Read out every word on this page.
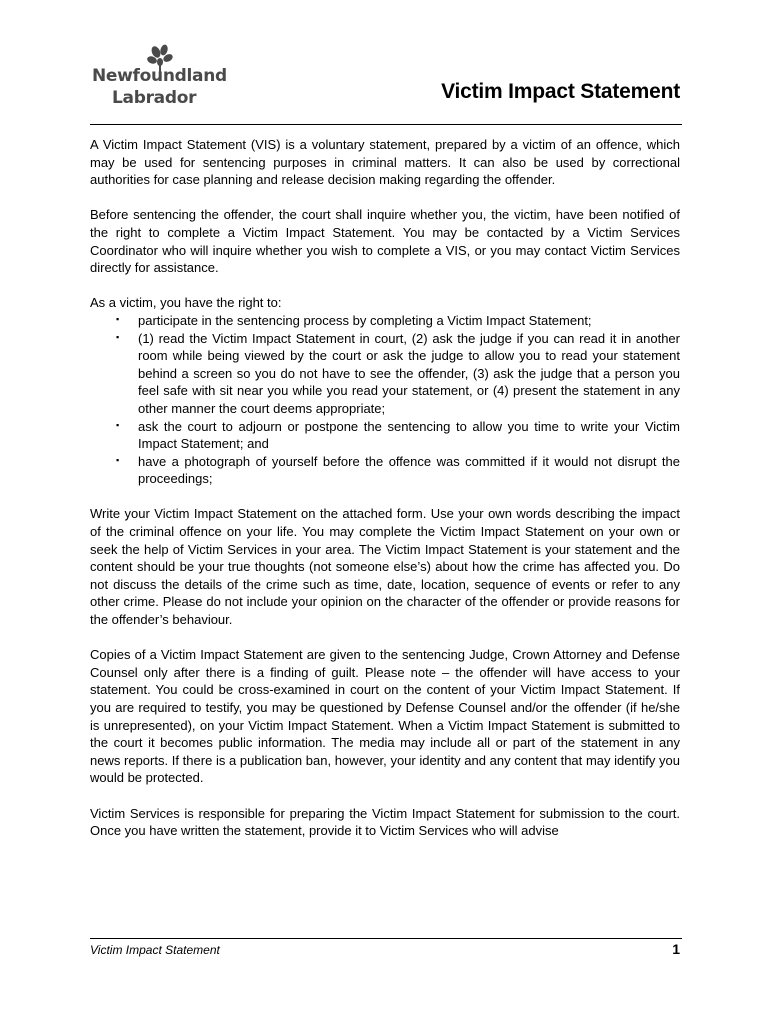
Newfoundland
Labrador	Victim Impact Statement

A Victim Impact Statement (VIS) is a voluntary statement, prepared by a victim of an offence, which may be used for sentencing purposes in criminal matters. It can also be used by correctional authorities for case planning and release decision making regarding the offender.

Before sentencing the offender, the court shall inquire whether you, the victim, have been notified of the right to complete a Victim Impact Statement. You may be contacted by a Victim Services Coordinator who will inquire whether you wish to complete a VIS, or you may contact Victim Services directly for assistance.

As a victim, you have the right to:

▪ participate in the sentencing process by completing a Victim Impact Statement;
▪ (1) read the Victim Impact Statement in court, (2) ask the judge if you can read it in another room while being viewed by the court or ask the judge to allow you to read your statement behind a screen so you do not have to see the offender, (3) ask the judge that a person you feel safe with sit near you while you read your statement, or (4) present the statement in any other manner the court deems appropriate;
▪ ask the court to adjourn or postpone the sentencing to allow you time to write your Victim Impact Statement; and
▪ have a photograph of yourself before the offence was committed if it would not disrupt the proceedings;

Write your Victim Impact Statement on the attached form. Use your own words describing the impact of the criminal offence on your life. You may complete the Victim Impact Statement on your own or seek the help of Victim Services in your area. The Victim Impact Statement is your statement and the content should be your true thoughts (not someone else’s) about how the crime has affected you. Do not discuss the details of the crime such as time, date, location, sequence of events or refer to any other crime. Please do not include your opinion on the character of the offender or provide reasons for the offender’s behaviour.

Copies of a Victim Impact Statement are given to the sentencing Judge, Crown Attorney and Defense Counsel only after there is a finding of guilt. Please note – the offender will have access to your statement. You could be cross-examined in court on the content of your Victim Impact Statement. If you are required to testify, you may be questioned by Defense Counsel and/or the offender (if he/she is unrepresented), on your Victim Impact Statement. When a Victim Impact Statement is submitted to the court it becomes public information. The media may include all or part of the statement in any news reports. If there is a publication ban, however, your identity and any content that may identify you would be protected.

Victim Services is responsible for preparing the Victim Impact Statement for submission to the court. Once you have written the statement, provide it to Victim Services who will advise

Victim Impact Statement	1
